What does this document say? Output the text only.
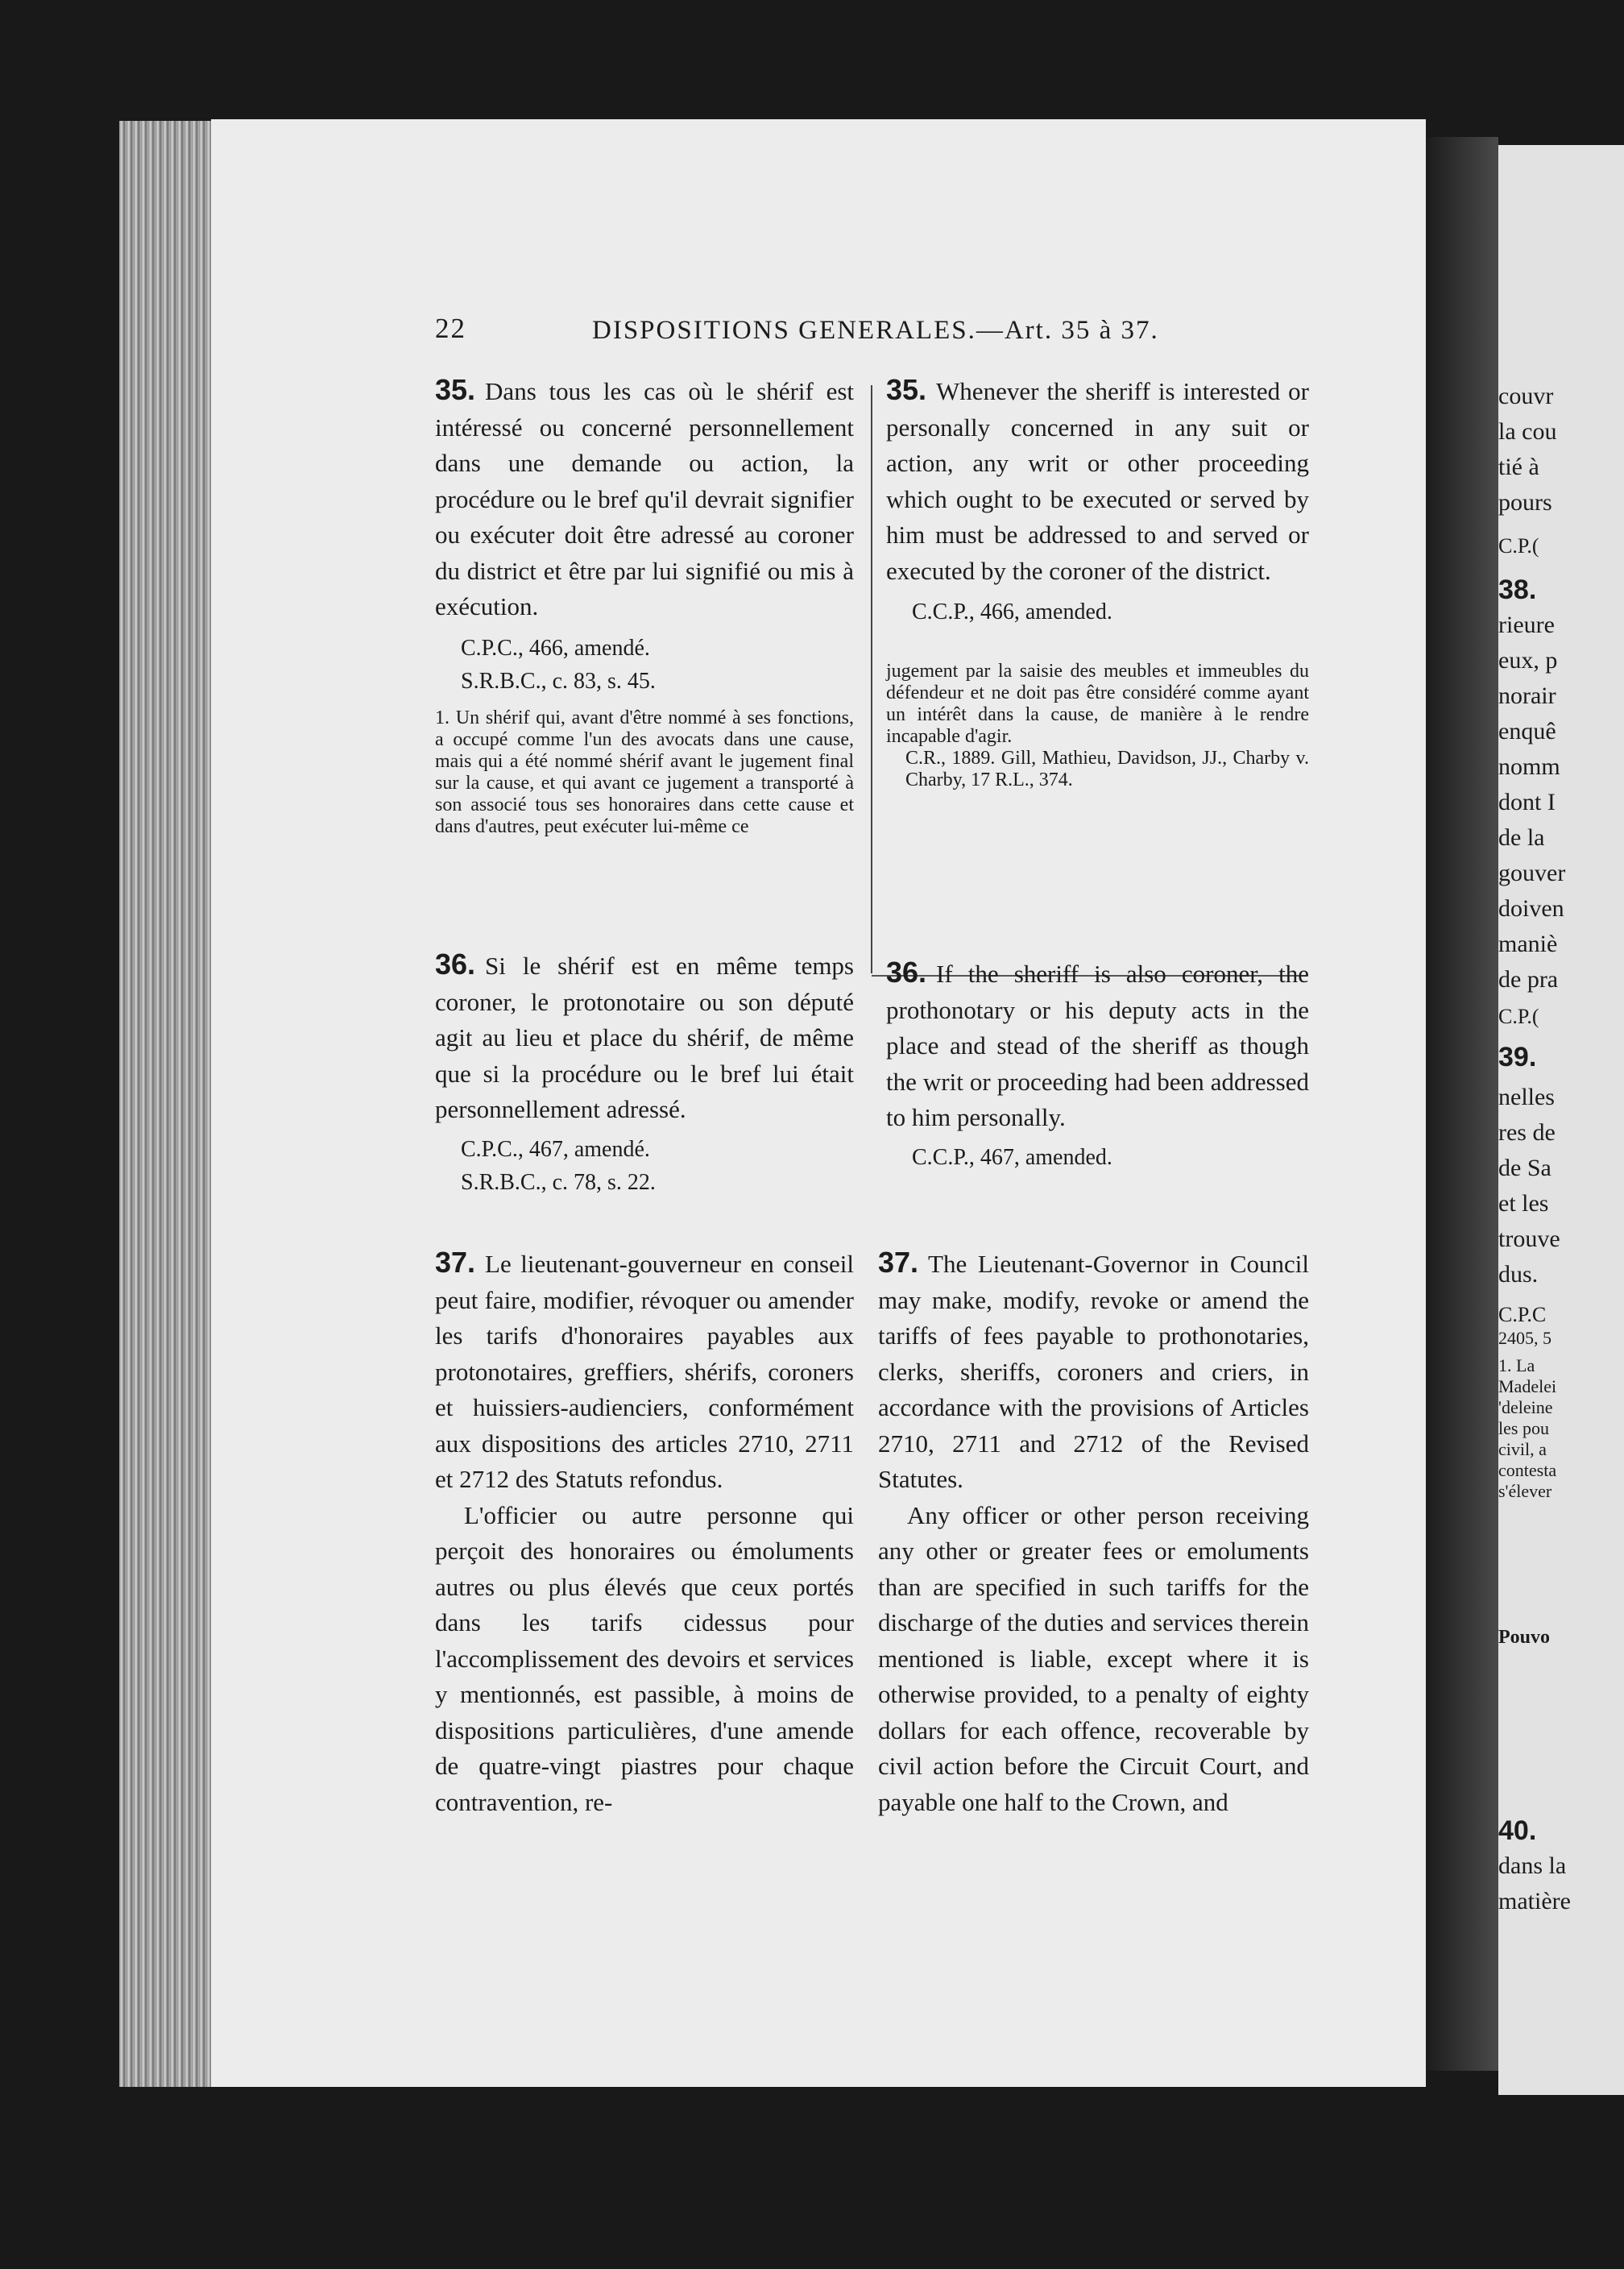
couvr
la cou
tié à
pours
C.P.(
38.
rieure
eux, p
norair
enquê
nomm
dont I
de la
gouver
doiven
maniè
de pra
C.P.(
39.
nelles
res de
de Sa
et les
trouve
dus.
C.P.C
2405, 5
1. La
Madelei
'deleine
les pou
civil, a
contesta
s'élever
Pouvo
40.
dans la
matière
22	DISPOSITIONS GENERALES.—Art. 35 à 37.

35. Dans tous les cas où le shérif est intéressé ou concerné personnellement dans une demande ou action, la procédure ou le bref qu'il devrait signifier ou exécuter doit être adressé au coroner du district et être par lui signifié ou mis à exécution.

C.P.C., 466, amendé.

S.R.B.C., c. 83, s. 45.

1. Un shérif qui, avant d'être nommé à ses fonctions, a occupé comme l'un des avocats dans une cause, mais qui a été nommé shérif avant le jugement final sur la cause, et qui avant ce jugement a transporté à son associé tous ses honoraires dans cette cause et dans d'autres, peut exécuter lui-même ce

36. Si le shérif est en même temps coroner, le protonotaire ou son député agit au lieu et place du shérif, de même que si la procédure ou le bref lui était personnellement adressé.

C.P.C., 467, amendé.

S.R.B.C., c. 78, s. 22.

37. Le lieutenant-gouverneur en conseil peut faire, modifier, révoquer ou amender les tarifs d'honoraires payables aux protonotaires, greffiers, shérifs, coroners et huissiers-audienciers, conformément aux dispositions des articles 2710, 2711 et 2712 des Statuts refondus.

L'officier ou autre personne qui perçoit des honoraires ou émoluments autres ou plus élevés que ceux portés dans les tarifs cidessus pour l'accomplissement des devoirs et services y mentionnés, est passible, à moins de dispositions particulières, d'une amende de quatre-vingt piastres pour chaque contravention, re-

35. Whenever the sheriff is interested or personally concerned in any suit or action, any writ or other proceeding which ought to be executed or served by him must be addressed to and served or executed by the coroner of the district.

C.C.P., 466, amended.

jugement par la saisie des meubles et immeubles du défendeur et ne doit pas être considéré comme ayant un intérêt dans la cause, de manière à le rendre incapable d'agir.

C.R., 1889. Gill, Mathieu, Davidson, JJ., Charby v. Charby, 17 R.L., 374.

36. If the sheriff is also coroner, the prothonotary or his deputy acts in the place and stead of the sheriff as though the writ or proceeding had been addressed to him personally.

C.C.P., 467, amended.

37. The Lieutenant-Governor in Council may make, modify, revoke or amend the tariffs of fees payable to prothonotaries, clerks, sheriffs, coroners and criers, in accordance with the provisions of Articles 2710, 2711 and 2712 of the Revised Statutes.

Any officer or other person receiving any other or greater fees or emoluments than are specified in such tariffs for the discharge of the duties and services therein mentioned is liable, except where it is otherwise provided, to a penalty of eighty dollars for each offence, recoverable by civil action before the Circuit Court, and payable one half to the Crown, and
